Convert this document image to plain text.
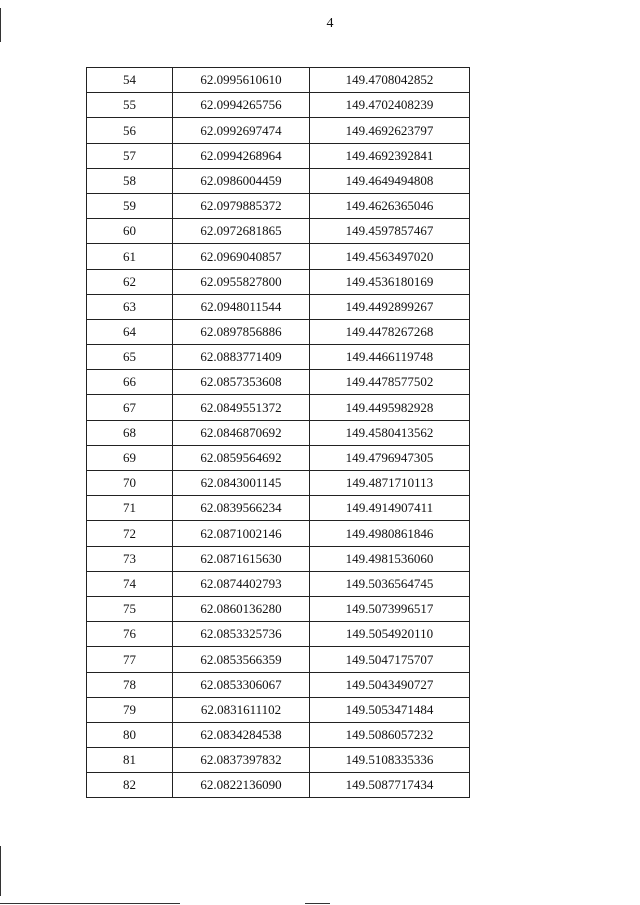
4
54	62.0995610610	149.4708042852
55	62.0994265756	149.4702408239
56	62.0992697474	149.4692623797
57	62.0994268964	149.4692392841
58	62.0986004459	149.4649494808
59	62.0979885372	149.4626365046
60	62.0972681865	149.4597857467
61	62.0969040857	149.4563497020
62	62.0955827800	149.4536180169
63	62.0948011544	149.4492899267
64	62.0897856886	149.4478267268
65	62.0883771409	149.4466119748
66	62.0857353608	149.4478577502
67	62.0849551372	149.4495982928
68	62.0846870692	149.4580413562
69	62.0859564692	149.4796947305
70	62.0843001145	149.4871710113
71	62.0839566234	149.4914907411
72	62.0871002146	149.4980861846
73	62.0871615630	149.4981536060
74	62.0874402793	149.5036564745
75	62.0860136280	149.5073996517
76	62.0853325736	149.5054920110
77	62.0853566359	149.5047175707
78	62.0853306067	149.5043490727
79	62.0831611102	149.5053471484
80	62.0834284538	149.5086057232
81	62.0837397832	149.5108335336
82	62.0822136090	149.5087717434
